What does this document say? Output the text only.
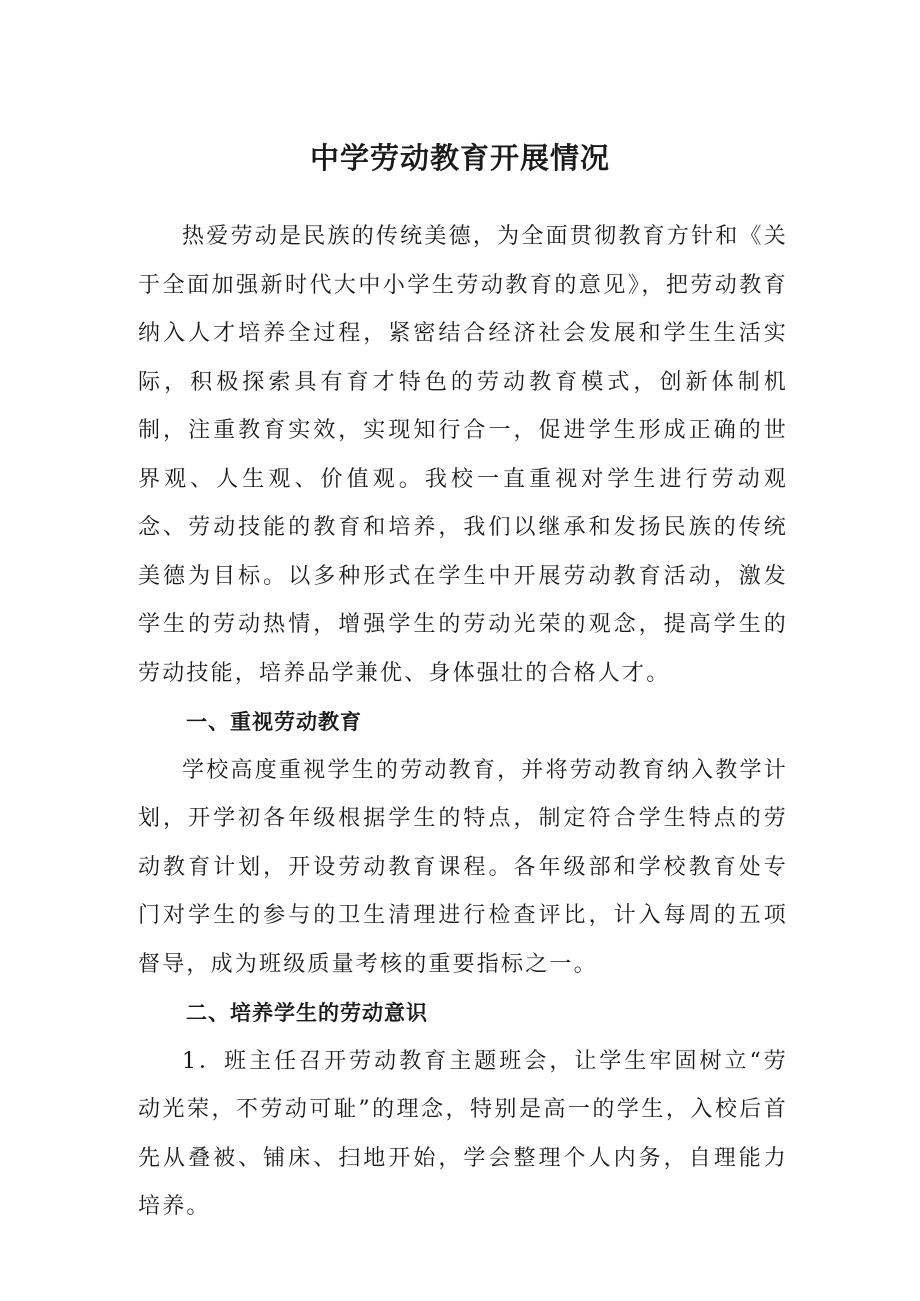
中学劳动教育开展情况

热爱劳动是民族的传统美德，为全面贯彻教育方针和《关于全面加强新时代大中小学生劳动教育的意见》，把劳动教育纳入人才培养全过程，紧密结合经济社会发展和学生生活实际，积极探索具有育才特色的劳动教育模式，创新体制机制，注重教育实效，实现知行合一，促进学生形成正确的世界观、人生观、价值观。我校一直重视对学生进行劳动观念、劳动技能的教育和培养，我们以继承和发扬民族的传统美德为目标。以多种形式在学生中开展劳动教育活动，激发学生的劳动热情，增强学生的劳动光荣的观念，提高学生的劳动技能，培养品学兼优、身体强壮的合格人才。

一、重视劳动教育

学校高度重视学生的劳动教育，并将劳动教育纳入教学计划，开学初各年级根据学生的特点，制定符合学生特点的劳动教育计划，开设劳动教育课程。各年级部和学校教育处专门对学生的参与的卫生清理进行检查评比，计入每周的五项督导，成为班级质量考核的重要指标之一。

二、培养学生的劳动意识

1．班主任召开劳动教育主题班会，让学生牢固树立“劳动光荣，不劳动可耻”的理念，特别是高一的学生，入校后首先从叠被、铺床、扫地开始，学会整理个人内务，自理能力培养。
